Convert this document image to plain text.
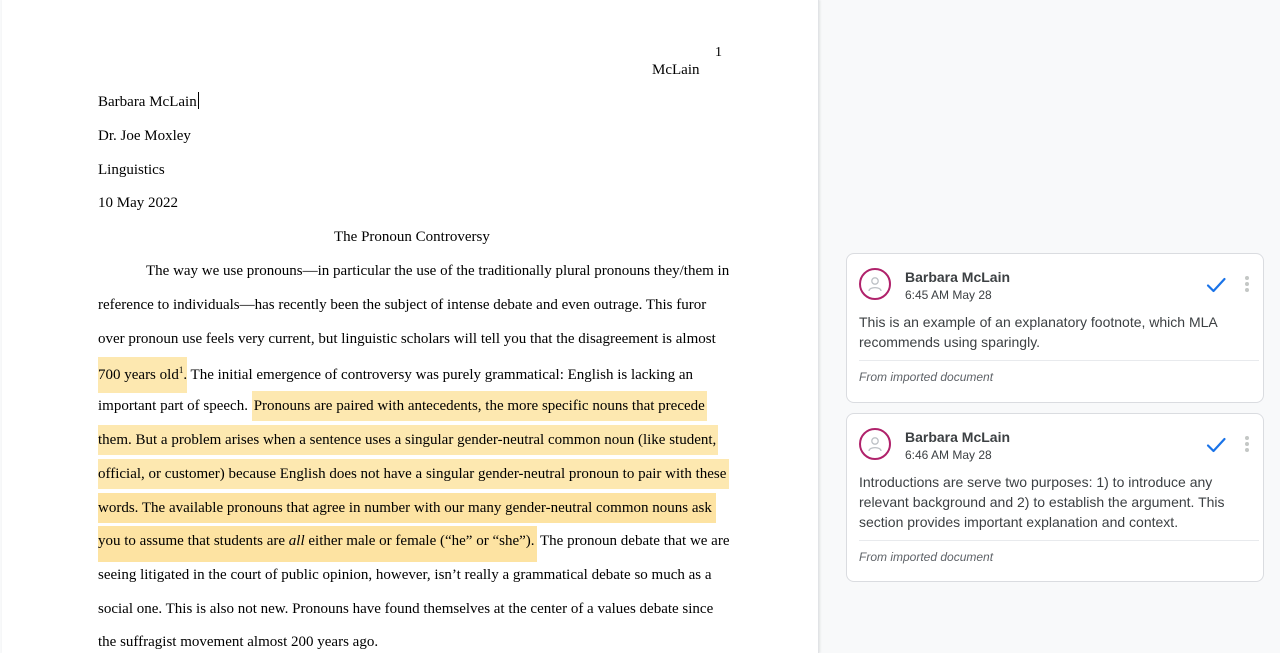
1
McLain
Barbara McLain
Dr. Joe Moxley
Linguistics
10 May 2022
The Pronoun Controversy
The way we use pronouns—in particular the use of the traditionally plural pronouns they/them in
reference to individuals—has recently been the subject of intense debate and even outrage. This furor
over pronoun use feels very current, but linguistic scholars will tell you that the disagreement is almost
700 years old$^1$. The initial emergence of controversy was purely grammatical: English is lacking an
important part of speech. Pronouns are paired with antecedents, the more specific nouns that precede
them. But a problem arises when a sentence uses a singular gender-neutral common noun (like student,
official, or customer) because English does not have a singular gender-neutral pronoun to pair with these
words. The available pronouns that agree in number with our many gender-neutral common nouns ask
you to assume that students are all either male or female (“he” or “she”). The pronoun debate that we are
seeing litigated in the court of public opinion, however, isn’t really a grammatical debate so much as a
social one. This is also not new. Pronouns have found themselves at the center of a values debate since
the suffragist movement almost 200 years ago.
Barbara McLain
6:45 AM May 28
This is an example of an explanatory footnote, which MLA recommends using sparingly.
From imported document
Barbara McLain
6:46 AM May 28
Introductions are serve two purposes: 1) to introduce any relevant background and 2) to establish the argument. This section provides important explanation and context.
From imported document
